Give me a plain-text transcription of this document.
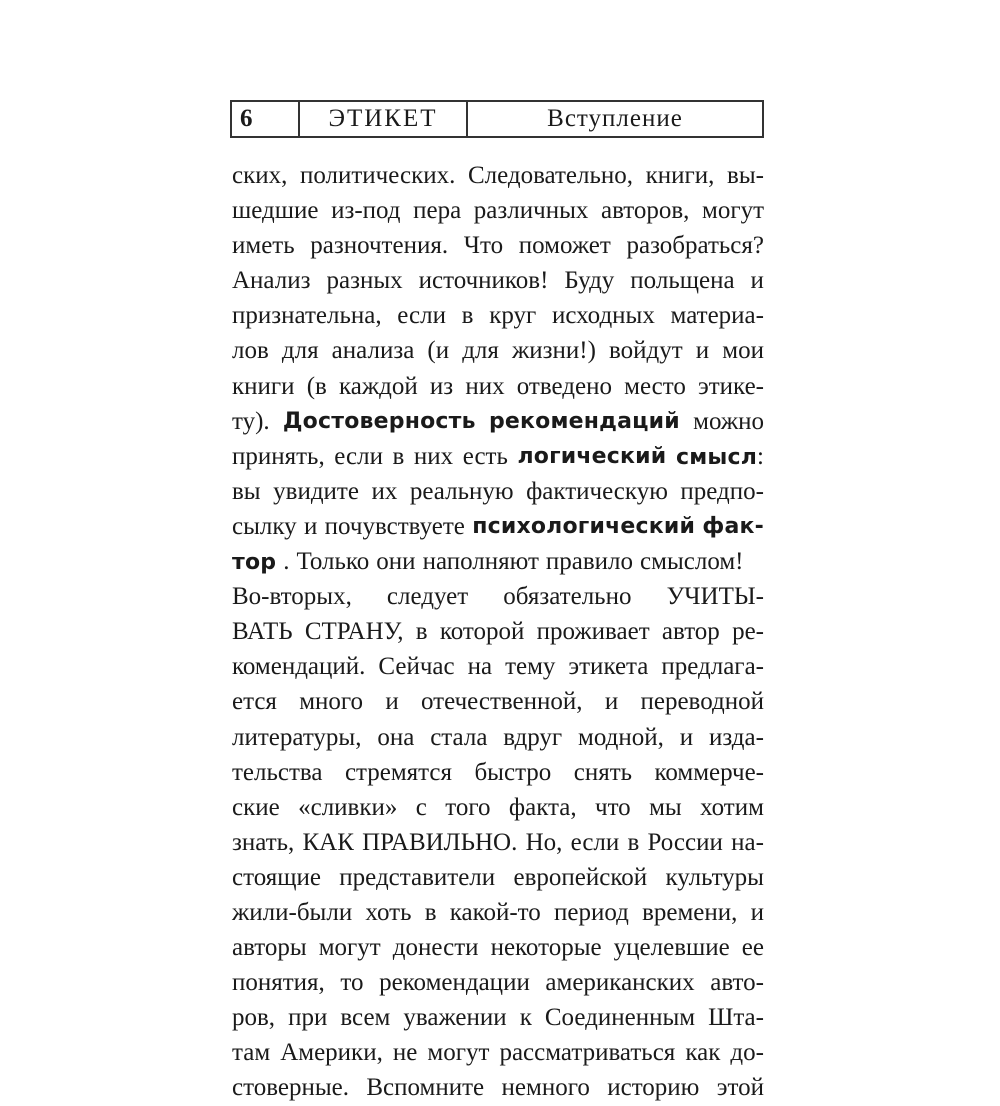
6	ЭТИКЕТ	Вступление
ских, политических. Следовательно, книги, вы-
шедшие из-под пера различных авторов, могут
иметь разночтения. Что поможет разобраться?
Анализ разных источников! Буду польщена и
признательна, если в круг исходных материа-
лов для анализа (и для жизни!) войдут и мои
книги (в каждой из них отведено место этике-
ту). Достоверность рекомендаций можно
принять, если в них есть логический смысл:
вы увидите их реальную фактическую предпо-
сылку и почувствуете психологический фак-
тор . Только они наполняют правило смыслом!
Во-вторых, следует обязательно УЧИТЫ-
ВАТЬ СТРАНУ, в которой проживает автор ре-
комендаций. Сейчас на тему этикета предлага-
ется много и отечественной, и переводной
литературы, она стала вдруг модной, и изда-
тельства стремятся быстро снять коммерче-
ские «сливки» с того факта, что мы хотим
знать, КАК ПРАВИЛЬНО. Но, если в России на-
стоящие представители европейской культуры
жили-были хоть в какой-то период времени, и
авторы могут донести некоторые уцелевшие ее
понятия, то рекомендации американских авто-
ров, при всем уважении к Соединенным Шта-
там Америки, не могут рассматриваться как до-
стоверные. Вспомните немного историю этой
